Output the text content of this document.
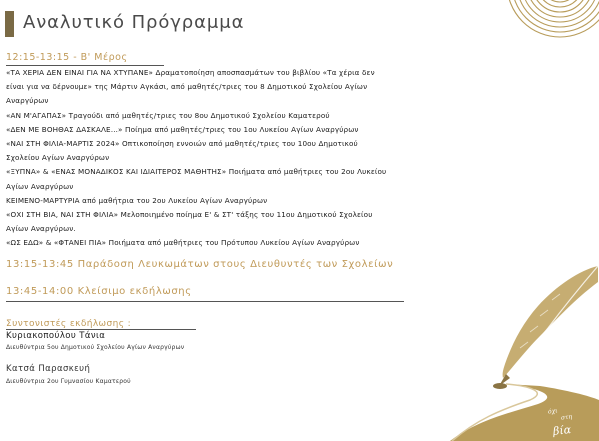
Αναλυτικό Πρόγραμμα
12:15-13:15 - Β' Μέρος

«ΤΑ ΧΕΡΙΑ ΔΕΝ ΕΙΝΑΙ ΓΙΑ ΝΑ ΧΤΥΠΑΝΕ» Δραματοποίηση αποσπασμάτων του βιβλίου «Τα χέρια δεν

είναι για να δέρνουμε» της Μάρτιν Αγκάσι, από μαθητές/τριες του 8 Δημοτικού Σχολείου Αγίων

Αναργύρων

«ΑΝ Μ'ΑΓΑΠΑΣ» Τραγούδι από μαθητές/τριες του 8ου Δημοτικού Σχολείου Καματερού

«ΔΕΝ ΜΕ ΒΟΗΘΑΣ ΔΑΣΚΑΛΕ…» Ποίημα από μαθητές/τριες του 1ου Λυκείου Αγίων Αναργύρων

«ΝΑΙ ΣΤΗ ΦΙΛΙΑ-ΜΑΡΤΙΣ 2024» Οπτικοποίηση εννοιών από μαθητές/τριες του 10ου Δημοτικού

Σχολείου Αγίων Αναργύρων

«ΞΥΠΝΑ» & «ΕΝΑΣ ΜΟΝΑΔΙΚΟΣ ΚΑΙ ΙΔΙΑΙΤΕΡΟΣ ΜΑΘΗΤΗΣ» Ποιήματα από μαθήτριες του 2ου Λυκείου

Αγίων Αναργύρων

ΚΕΙΜΕΝΟ-ΜΑΡΤΥΡΙΑ από μαθήτρια του 2ου Λυκείου Αγίων Αναργύρων

«ΟΧΙ ΣΤΗ ΒΙΑ, ΝΑΙ ΣΤΗ ΦΙΛΙΑ» Μελοποιημένο ποίημα Ε' & ΣΤ' τάξης του 11ου Δημοτικού Σχολείου

Αγίων Αναργύρων.

«ΩΣ ΕΔΩ» & «ΦΤΑΝΕΙ ΠΙΑ» Ποιήματα από μαθήτριες του Πρότυπου Λυκείου Αγίων Αναργύρων

13:15-13:45 Παράδοση Λευκωμάτων στους Διευθυντές των Σχολείων
13:45-14:00 Κλείσιμο εκδήλωσης
Συντονιστές εκδήλωσης :
Κυριακοπούλου Τάνια
Διευθύντρια 5ου Δημοτικού Σχολείου Αγίων Αναργύρων
Κατσά Παρασκευή
Διευθύντρια 2ου Γυμνασίου Καματερού
όχι
στη
βία
